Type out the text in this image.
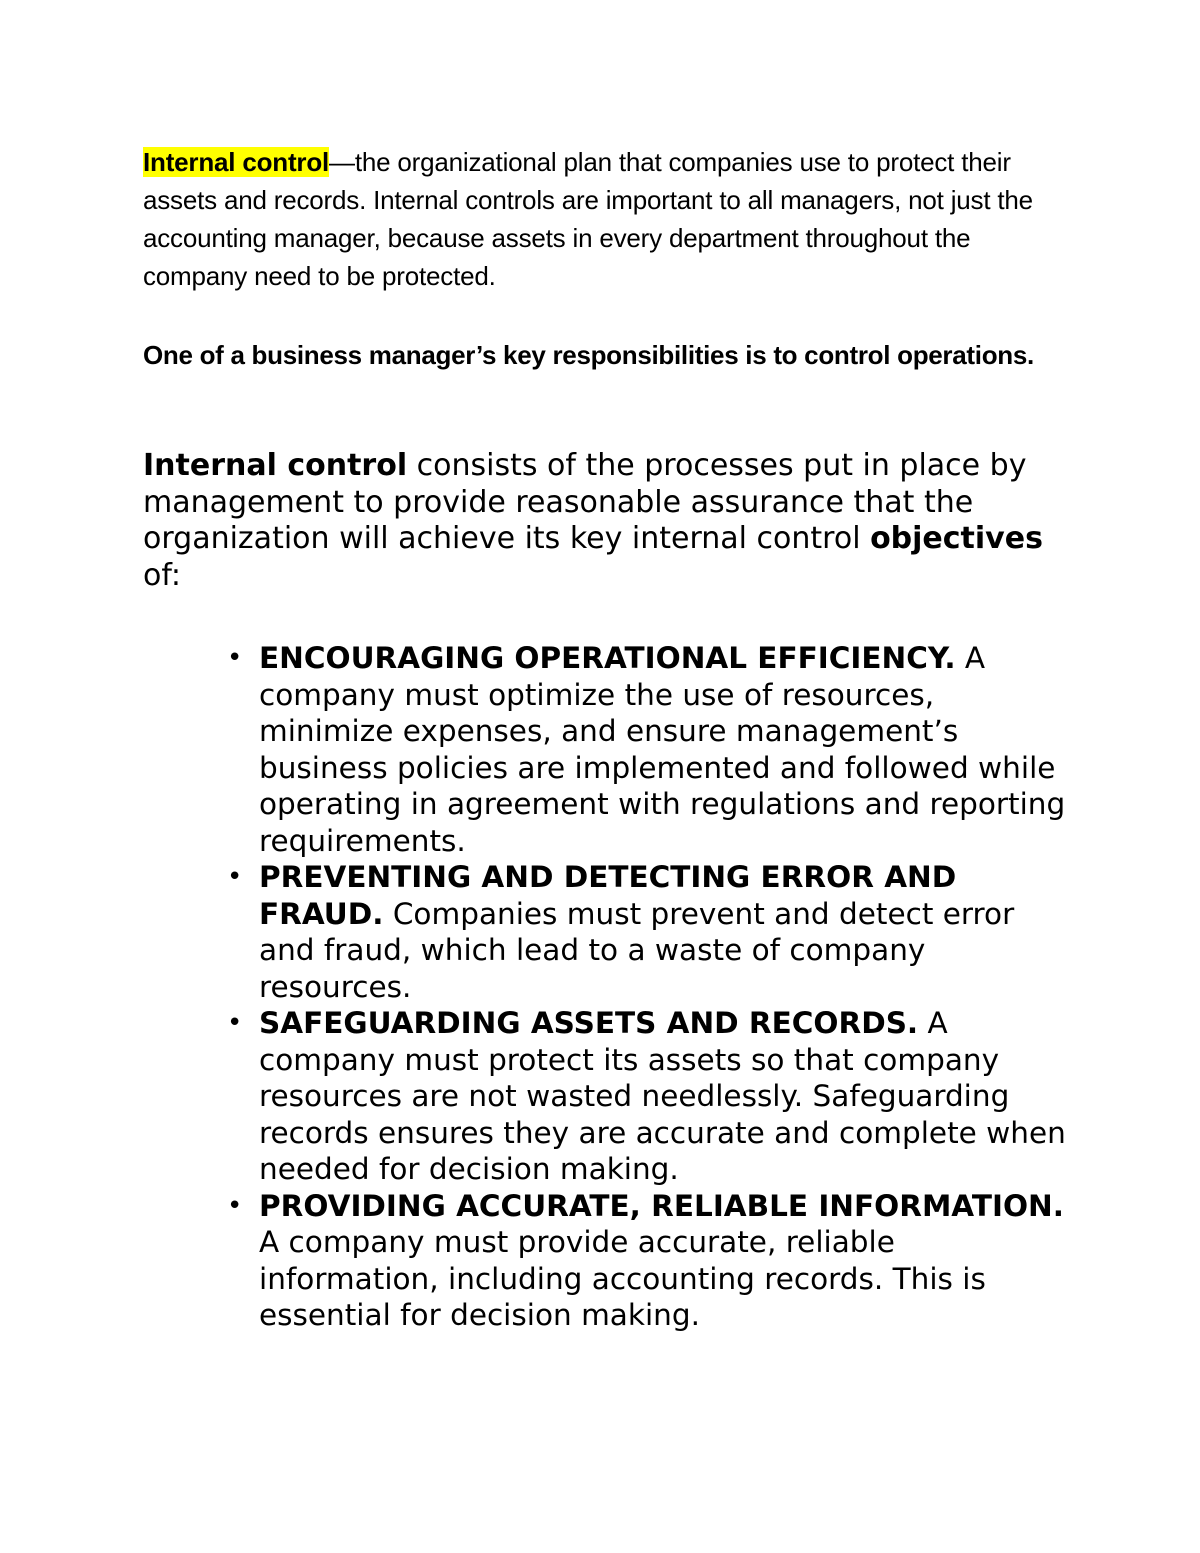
Internal control—the organizational plan that companies use to protect their assets and records. Internal controls are important to all managers, not just the accounting manager, because assets in every department throughout the company need to be protected.

One of a business manager’s key responsibilities is to control operations.

Internal control consists of the processes put in place by management to provide reasonable assurance that the organization will achieve its key internal control objectives of:

• ENCOURAGING OPERATIONAL EFFICIENCY. A company must optimize the use of resources, minimize expenses, and ensure management’s business policies are implemented and followed while operating in agreement with regulations and reporting requirements.
• PREVENTING AND DETECTING ERROR AND FRAUD. Companies must prevent and detect error and fraud, which lead to a waste of company resources.
• SAFEGUARDING ASSETS AND RECORDS. A company must protect its assets so that company resources are not wasted needlessly. Safeguarding records ensures they are accurate and complete when needed for decision making.
• PROVIDING ACCURATE, RELIABLE INFORMATION. A company must provide accurate, reliable information, including accounting records. This is essential for decision making.
